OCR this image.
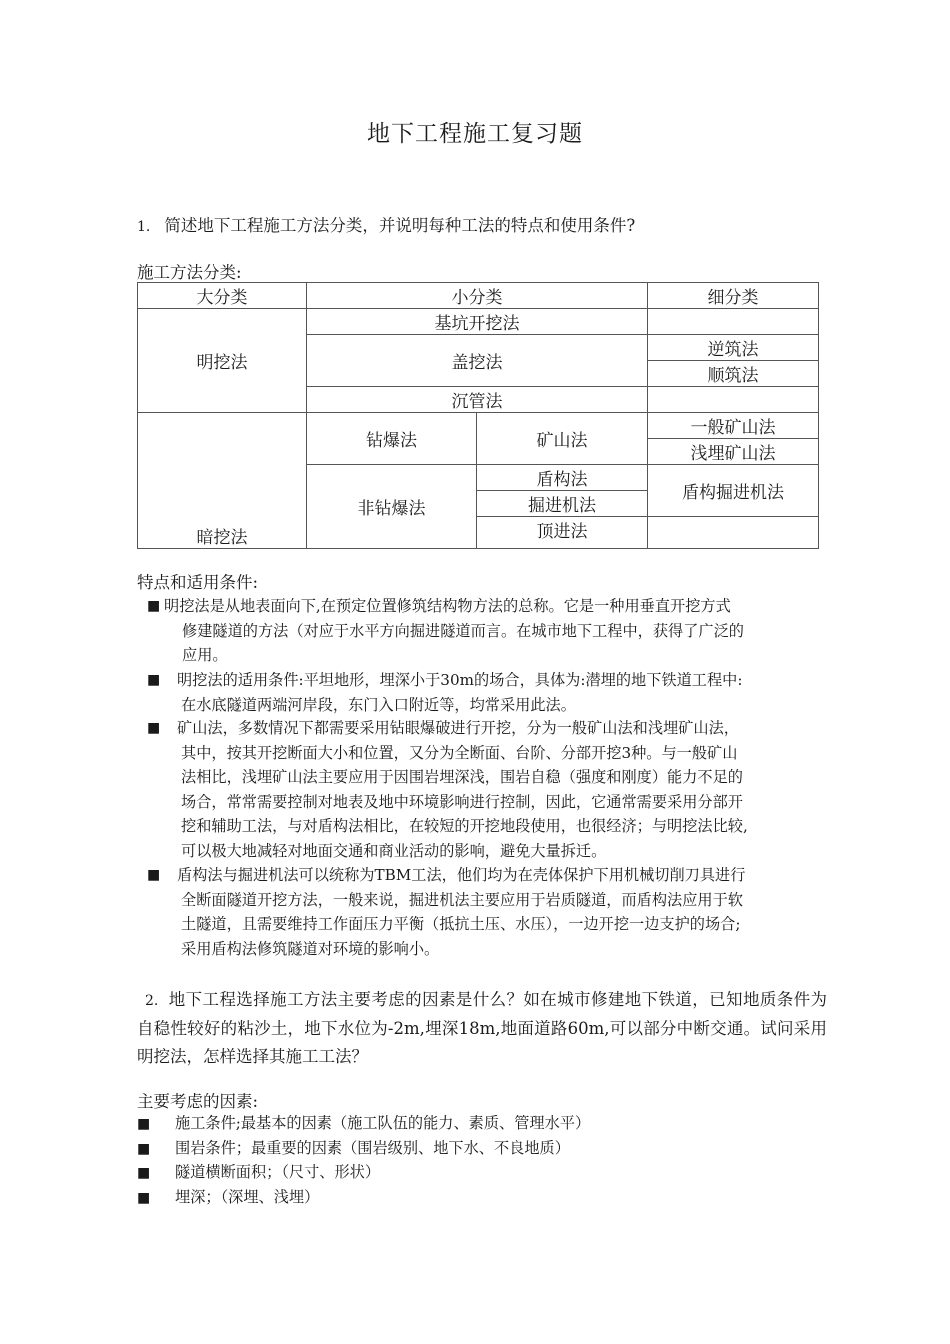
地下工程施工复习题
1. 简述地下工程施工方法分类，并说明每种工法的特点和使用条件?
施工方法分类:
大分类	小分类		细分类
明挖法	基坑开挖法		
	盖挖法		逆筑法
			顺筑法
	沉管法		
暗挖法	钻爆法	矿山法	一般矿山法
			浅埋矿山法
	非钻爆法	盾构法	盾构掘进机法
		掘进机法	
		顶进法	
特点和适用条件:
■ 明挖法是从地表面向下,在预定位置修筑结构物方法的总称。它是一种用垂直开挖方式
修建隧道的方法（对应于水平方向掘进隧道而言。在城市地下工程中，获得了广泛的
应用。
■	明挖法的适用条件:平坦地形，埋深小于30m的场合，具体为:潜埋的地下铁道工程中:
在水底隧道两端河岸段，东门入口附近等，均常采用此法。
■	矿山法，多数情况下都需要采用钻眼爆破进行开挖，分为一般矿山法和浅埋矿山法，
其中，按其开挖断面大小和位置，又分为全断面、台阶、分部开挖3种。与一般矿山
法相比，浅埋矿山法主要应用于因围岩埋深浅，围岩自稳（强度和刚度）能力不足的
场合，常常需要控制对地表及地中环境影响进行控制，因此，它通常需要采用分部开
挖和辅助工法，与对盾构法相比，在较短的开挖地段使用，也很经济；与明挖法比较,
可以极大地减轻对地面交通和商业活动的影响，避免大量拆迁。
■	盾构法与掘进机法可以统称为TBM工法，他们均为在壳体保护下用机械切削刀具进行
全断面隧道开挖方法，一般来说，掘进机法主要应用于岩质隧道，而盾构法应用于软
土隧道，且需要维持工作面压力平衡（抵抗土压、水压），一边开挖一边支护的场合;
采用盾构法修筑隧道对环境的影响小。
2. 地下工程选择施工方法主要考虑的因素是什么？如在城市修建地下铁道，已知地质条件为自稳性较好的粘沙土，地下水位为-2m,埋深18m,地面道路60m,可以部分中断交通。试问采用明挖法，怎样选择其施工工法？
主要考虑的因素:
■ 施工条件;最基本的因素（施工队伍的能力、素质、管理水平）
■ 围岩条件；最重要的因素（围岩级别、地下水、不良地质）
■ 隧道横断面积；（尺寸、形状）
■ 埋深；（深埋、浅埋）
